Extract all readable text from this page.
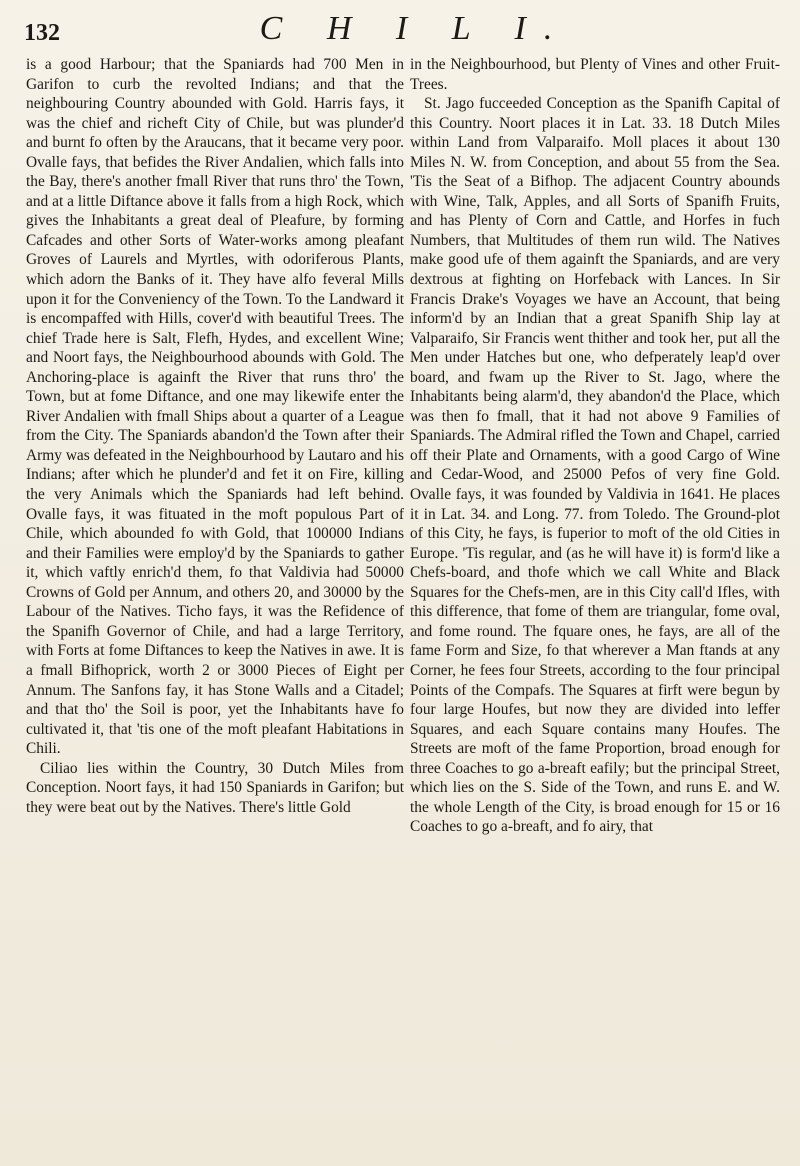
132	C H I L I.

is a good Harbour; that the Spaniards had 700 Men in Garifon to curb the revolted Indians; and that the neighbouring Country abounded with Gold. Harris fays, it was the chief and richeft City of Chile, but was plunder'd and burnt fo often by the Araucans, that it became very poor. Ovalle fays, that befides the River Andalien, which falls into the Bay, there's another fmall River that runs thro' the Town, and at a little Diftance above it falls from a high Rock, which gives the Inhabitants a great deal of Pleafure, by forming Cafcades and other Sorts of Water-works among pleafant Groves of Laurels and Myrtles, with odoriferous Plants, which adorn the Banks of it. They have alfo feveral Mills upon it for the Conveniency of the Town. To the Landward it is encompaffed with Hills, cover'd with beautiful Trees. The chief Trade here is Salt, Flefh, Hydes, and excellent Wine; and Noort fays, the Neighbourhood abounds with Gold. The Anchoring-place is againft the River that runs thro' the Town, but at fome Diftance, and one may likewife enter the River Andalien with fmall Ships about a quarter of a League from the City. The Spaniards abandon'd the Town after their Army was defeated in the Neighbourhood by Lautaro and his Indians; after which he plunder'd and fet it on Fire, killing the very Animals which the Spaniards had left behind. Ovalle fays, it was fituated in the moft populous Part of Chile, which abounded fo with Gold, that 100000 Indians and their Families were employ'd by the Spaniards to gather it, which vaftly enrich'd them, fo that Valdivia had 50000 Crowns of Gold per Annum, and others 20, and 30000 by the Labour of the Natives. Ticho fays, it was the Refidence of the Spanifh Governor of Chile, and had a large Territory, with Forts at fome Diftances to keep the Natives in awe. It is a fmall Bifhoprick, worth 2 or 3000 Pieces of Eight per Annum. The Sanfons fay, it has Stone Walls and a Citadel; and that tho' the Soil is poor, yet the Inhabitants have fo cultivated it, that 'tis one of the moft pleafant Habitations in Chili.

Ciliao lies within the Country, 30 Dutch Miles from Conception. Noort fays, it had 150 Spaniards in Garifon; but they were beat out by the Natives. There's little Gold

in the Neighbourhood, but Plenty of Vines and other Fruit-Trees.

St. Jago fucceeded Conception as the Spanifh Capital of this Country. Noort places it in Lat. 33. 18 Dutch Miles within Land from Valparaifo. Moll places it about 130 Miles N. W. from Conception, and about 55 from the Sea. 'Tis the Seat of a Bifhop. The adjacent Country abounds with Wine, Talk, Apples, and all Sorts of Spanifh Fruits, and has Plenty of Corn and Cattle, and Horfes in fuch Numbers, that Multitudes of them run wild. The Natives make good ufe of them againft the Spaniards, and are very dextrous at fighting on Horfeback with Lances. In Sir Francis Drake's Voyages we have an Account, that being inform'd by an Indian that a great Spanifh Ship lay at Valparaifo, Sir Francis went thither and took her, put all the Men under Hatches but one, who defperately leap'd over board, and fwam up the River to St. Jago, where the Inhabitants being alarm'd, they abandon'd the Place, which was then fo fmall, that it had not above 9 Families of Spaniards. The Admiral rifled the Town and Chapel, carried off their Plate and Ornaments, with a good Cargo of Wine and Cedar-Wood, and 25000 Pefos of very fine Gold. Ovalle fays, it was founded by Valdivia in 1641. He places it in Lat. 34. and Long. 77. from Toledo. The Ground-plot of this City, he fays, is fuperior to moft of the old Cities in Europe. 'Tis regular, and (as he will have it) is form'd like a Chefs-board, and thofe which we call White and Black Squares for the Chefs-men, are in this City call'd Ifles, with this difference, that fome of them are triangular, fome oval, and fome round. The fquare ones, he fays, are all of the fame Form and Size, fo that wherever a Man ftands at any Corner, he fees four Streets, according to the four principal Points of the Compafs. The Squares at firft were begun by four large Houfes, but now they are divided into leffer Squares, and each Square contains many Houfes. The Streets are moft of the fame Proportion, broad enough for three Coaches to go a-breaft eafily; but the principal Street, which lies on the S. Side of the Town, and runs E. and W. the whole Length of the City, is broad enough for 15 or 16 Coaches to go a-breaft, and fo airy, that
